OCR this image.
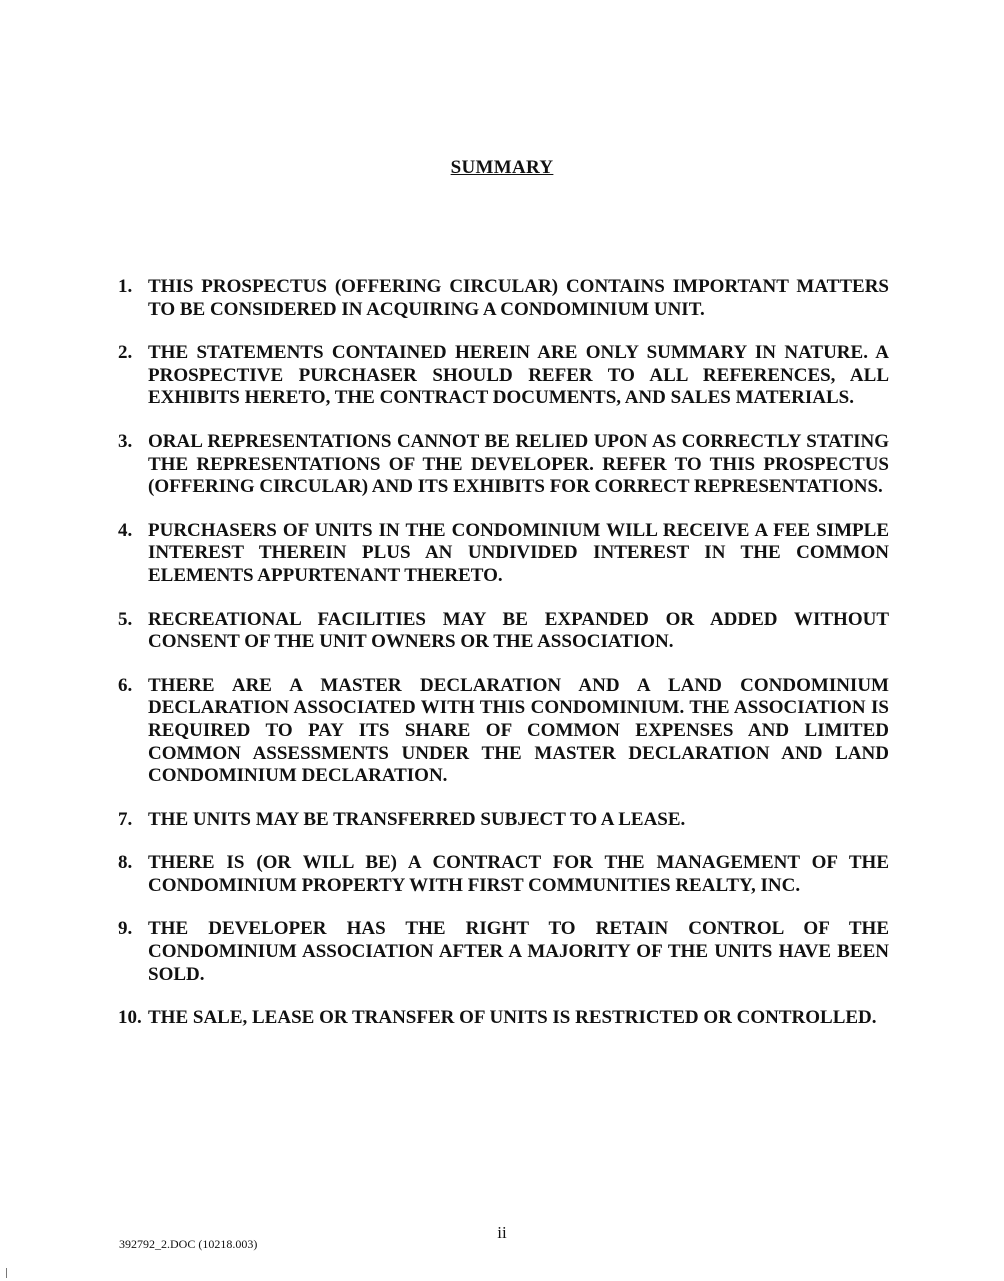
SUMMARY
1. THIS PROSPECTUS (OFFERING CIRCULAR) CONTAINS IMPORTANT MATTERS TO BE CONSIDERED IN ACQUIRING A CONDOMINIUM UNIT.
2. THE STATEMENTS CONTAINED HEREIN ARE ONLY SUMMARY IN NATURE. A PROSPECTIVE PURCHASER SHOULD REFER TO ALL REFERENCES, ALL EXHIBITS HERETO, THE CONTRACT DOCUMENTS, AND SALES MATERIALS.
3. ORAL REPRESENTATIONS CANNOT BE RELIED UPON AS CORRECTLY STATING THE REPRESENTATIONS OF THE DEVELOPER. REFER TO THIS PROSPECTUS (OFFERING CIRCULAR) AND ITS EXHIBITS FOR CORRECT REPRESENTATIONS.
4. PURCHASERS OF UNITS IN THE CONDOMINIUM WILL RECEIVE A FEE SIMPLE INTEREST THEREIN PLUS AN UNDIVIDED INTEREST IN THE COMMON ELEMENTS APPURTENANT THERETO.
5. RECREATIONAL FACILITIES MAY BE EXPANDED OR ADDED WITHOUT CONSENT OF THE UNIT OWNERS OR THE ASSOCIATION.
6. THERE ARE A MASTER DECLARATION AND A LAND CONDOMINIUM DECLARATION ASSOCIATED WITH THIS CONDOMINIUM. THE ASSOCIATION IS REQUIRED TO PAY ITS SHARE OF COMMON EXPENSES AND LIMITED COMMON ASSESSMENTS UNDER THE MASTER DECLARATION AND LAND CONDOMINIUM DECLARATION.
7. THE UNITS MAY BE TRANSFERRED SUBJECT TO A LEASE.
8. THERE IS (OR WILL BE) A CONTRACT FOR THE MANAGEMENT OF THE CONDOMINIUM PROPERTY WITH FIRST COMMUNITIES REALTY, INC.
9. THE DEVELOPER HAS THE RIGHT TO RETAIN CONTROL OF THE CONDOMINIUM ASSOCIATION AFTER A MAJORITY OF THE UNITS HAVE BEEN SOLD.
10. THE SALE, LEASE OR TRANSFER OF UNITS IS RESTRICTED OR CONTROLLED.
ii
392792_2.DOC (10218.003)
